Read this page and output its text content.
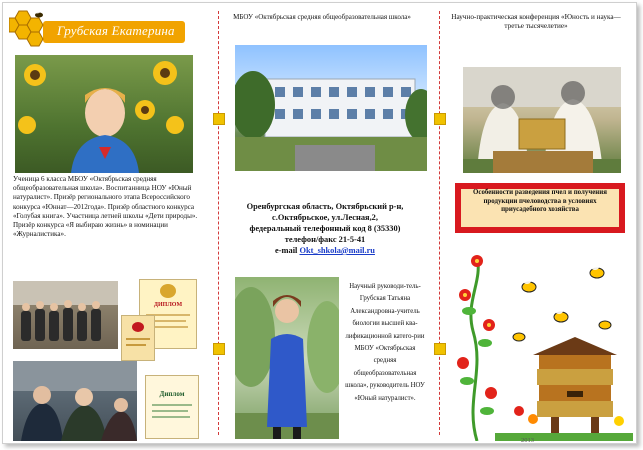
Грубская Екатерина
Ученица 6 класса МБОУ «Октябрьская средняя общеобразовательная школа». Воспитанница НОУ «Юный натуралист». Призёр регионального этапа Всероссийского конкурса «Юннат—2012года». Призёр областного конкурса «Голубая книга». Участница летней школы «Дети природы». Призёр конкурса «Я выбираю жизнь» в номинации «Журналистика».
ДИПЛОМ
Диплом
МБОУ «Октябрьская средняя общеобразовательная школа»
Оренбургская область, Октябрьский р-н,
с.Октябрьское, ул.Лесная,2,
федеральный телефонный код 8 (35330)
телефон/факс 21-5-41
e-mail Okt_shkola@mail.ru
Научный руководи-тель- Грубская Татьяна Александровна-учитель биологии высшей ква-лификационной катего-рии МБОУ «Октябрьская средняя общеобразовательная школа», руководитель НОУ «Юный натуралист».
Научно-практическая конференция «Юность и наука— третье тысячелетие»
Особенности разведения пчел и получения продукции пчеловодства в условиях приусадебного хозяйства
2013
